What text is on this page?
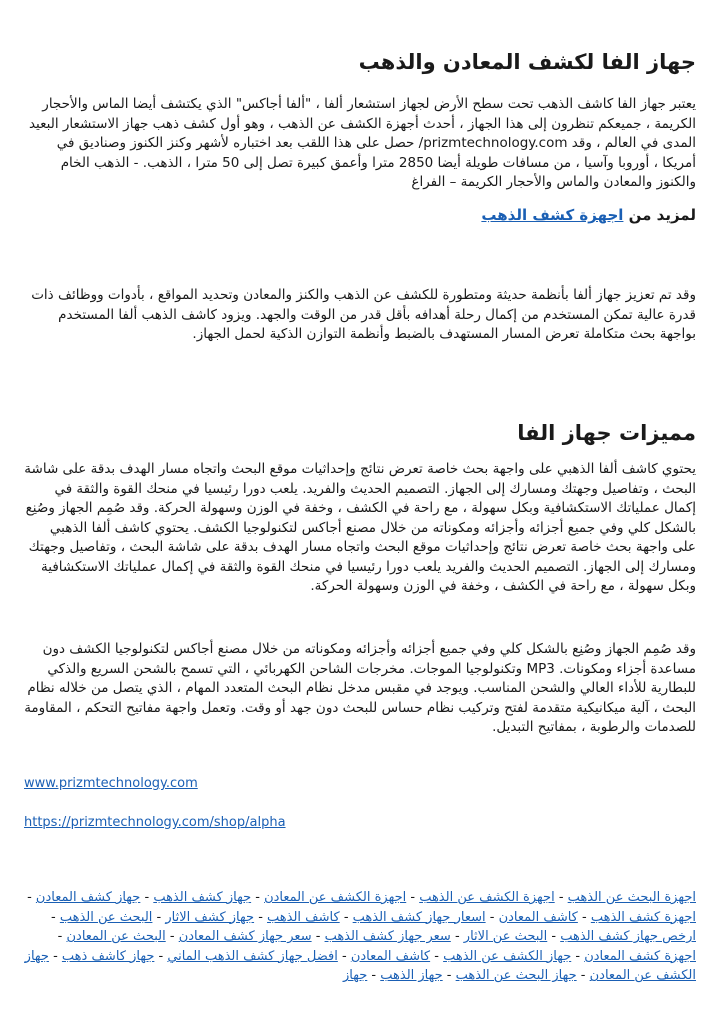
جهاز الفا لكشف المعادن والذهب

يعتبر جهاز الفا كاشف الذهب تحت سطح الأرض لجهاز استشعار ألفا ، "ألفا أجاكس" الذي يكتشف أيضا الماس والأحجار الكريمة ، جميعكم تنظرون إلى هذا الجهاز ، أحدث أجهزة الكشف عن الذهب ، وهو أول كشف ذهب جهاز الاستشعار البعيد المدى في العالم ، وقد prizmtechnology.com/ حصل على هذا اللقب بعد اختباره لأشهر وكنز الكنوز وصناديق في أمريكا ، أوروبا وآسيا ، من مسافات طويلة أيضا 2850 مترا وأعمق كبيرة تصل إلى 50 مترا ، الذهب. - الذهب الخام والكنوز والمعادن والماس والأحجار الكريمة – الفراغ

لمزيد من اجهزة كشف الذهب

وقد تم تعزيز جهاز ألفا بأنظمة حديثة ومتطورة للكشف عن الذهب والكنز والمعادن وتحديد المواقع ، بأدوات ووظائف ذات قدرة عالية تمكن المستخدم من إكمال رحلة أهدافه بأقل قدر من الوقت والجهد. ويزود كاشف الذهب ألفا المستخدم بواجهة بحث متكاملة تعرض المسار المستهدف بالضبط وأنظمة التوازن الذكية لحمل الجهاز.

مميزات جهاز الفا

يحتوي كاشف ألفا الذهبي على واجهة بحث خاصة تعرض نتائج وإحداثيات موقع البحث واتجاه مسار الهدف بدقة على شاشة البحث ، وتفاصيل وجهتك ومسارك إلى الجهاز. التصميم الحديث والفريد. يلعب دورا رئيسيا في منحك القوة والثقة في إكمال عملياتك الاستكشافية وبكل سهولة ، مع راحة في الكشف ، وخفة في الوزن وسهولة الحركة. وقد صُمِم الجهاز وصُنِع بالشكل كلي وفي جميع أجزائه وأجزائه ومكوناته من خلال مصنع أجاكس لتكنولوجيا الكشف. يحتوي كاشف ألفا الذهبي على واجهة بحث خاصة تعرض نتائج وإحداثيات موقع البحث واتجاه مسار الهدف بدقة على شاشة البحث ، وتفاصيل وجهتك ومسارك إلى الجهاز. التصميم الحديث والفريد يلعب دورا رئيسيا في منحك القوة والثقة في إكمال عملياتك الاستكشافية وبكل سهولة ، مع راحة في الكشف ، وخفة في الوزن وسهولة الحركة.

وقد صُمِم الجهاز وصُنِع بالشكل كلي وفي جميع أجزائه وأجزائه ومكوناته من خلال مصنع أجاكس لتكنولوجيا الكشف دون مساعدة أجزاء ومكونات. MP3 وتكنولوجيا الموجات. مخرجات الشاحن الكهربائي ، التي تسمح بالشحن السريع والذكي للبطارية للأداء العالي والشحن المناسب. ويوجد في مقبس مدخل نظام البحث المتعدد المهام ، الذي يتصل من خلاله نظام البحث ، آلية ميكانيكية متقدمة لفتح وتركيب نظام حساس للبحث دون جهد أو وقت. وتعمل واجهة مفاتيح التحكم ، المقاومة للصدمات والرطوبة ، بمفاتيح التبديل.

www.prizmtechnology.com
https://prizmtechnology.com/shop/alpha
اجهزة البحث عن الذهب - اجهزة الكشف عن الذهب - اجهزة الكشف عن المعادن - جهاز كشف الذهب - جهاز كشف المعادن - اجهزة كشف الذهب - كاشف المعادن - اسعار جهاز كشف الذهب - كاشف الذهب - جهاز كشف الاثار - البحث عن الذهب - ارخص جهاز كشف الذهب - البحث عن الاثار - سعر جهاز كشف الذهب - سعر جهاز كشف المعادن - البحث عن المعادن - اجهزة كشف المعادن - جهاز الكشف عن الذهب - كاشف المعادن - افضل جهاز كشف الذهب الماني - جهاز كاشف ذهب - جهاز الكشف عن المعادن - جهاز البحث عن الذهب - جهاز الذهب - جهاز
